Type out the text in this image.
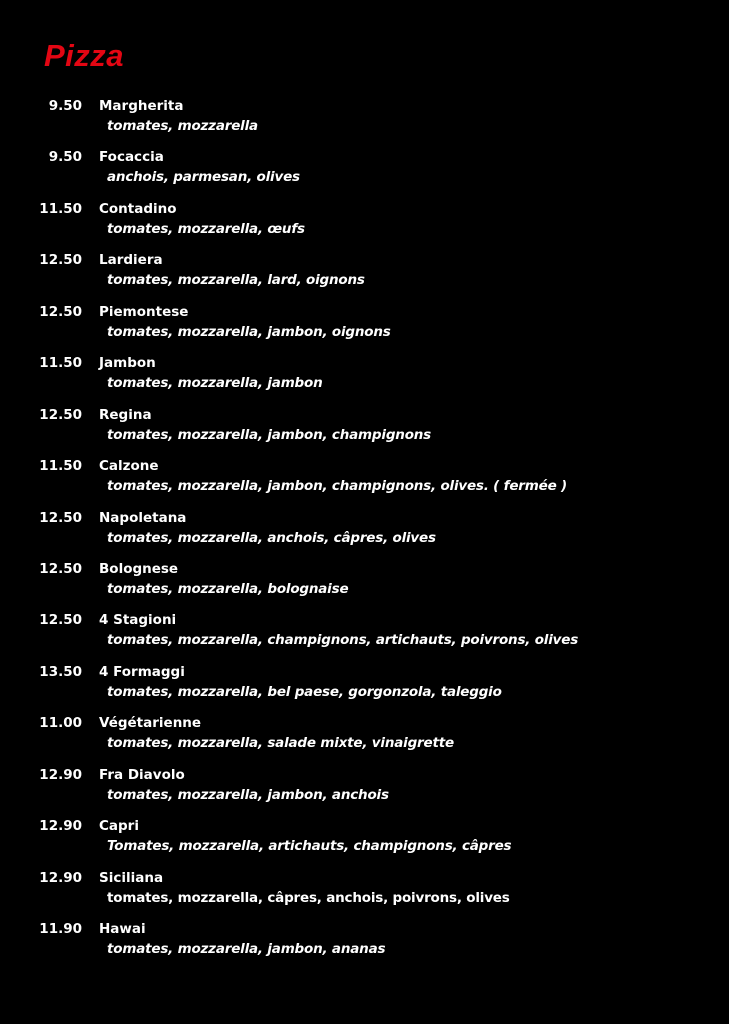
Pizza
9.50 Margherita
tomates, mozzarella
9.50 Focaccia
anchois, parmesan, olives
11.50 Contadino
tomates, mozzarella, œufs
12.50 Lardiera
tomates, mozzarella, lard, oignons
12.50 Piemontese
tomates, mozzarella, jambon, oignons
11.50 Jambon
tomates, mozzarella, jambon
12.50 Regina
tomates, mozzarella, jambon, champignons
11.50 Calzone
tomates, mozzarella, jambon, champignons, olives. ( fermée )
12.50 Napoletana
tomates, mozzarella, anchois, câpres, olives
12.50 Bolognese
tomates, mozzarella, bolognaise
12.50 4 Stagioni
tomates, mozzarella, champignons, artichauts, poivrons, olives
13.50 4 Formaggi
tomates, mozzarella, bel paese, gorgonzola, taleggio
11.00 Végétarienne
tomates, mozzarella, salade mixte, vinaigrette
12.90 Fra Diavolo
tomates, mozzarella, jambon, anchois
12.90 Capri
Tomates, mozzarella, artichauts, champignons, câpres
12.90 Siciliana
tomates, mozzarella, câpres, anchois, poivrons, olives
11.90 Hawai
tomates, mozzarella, jambon, ananas
